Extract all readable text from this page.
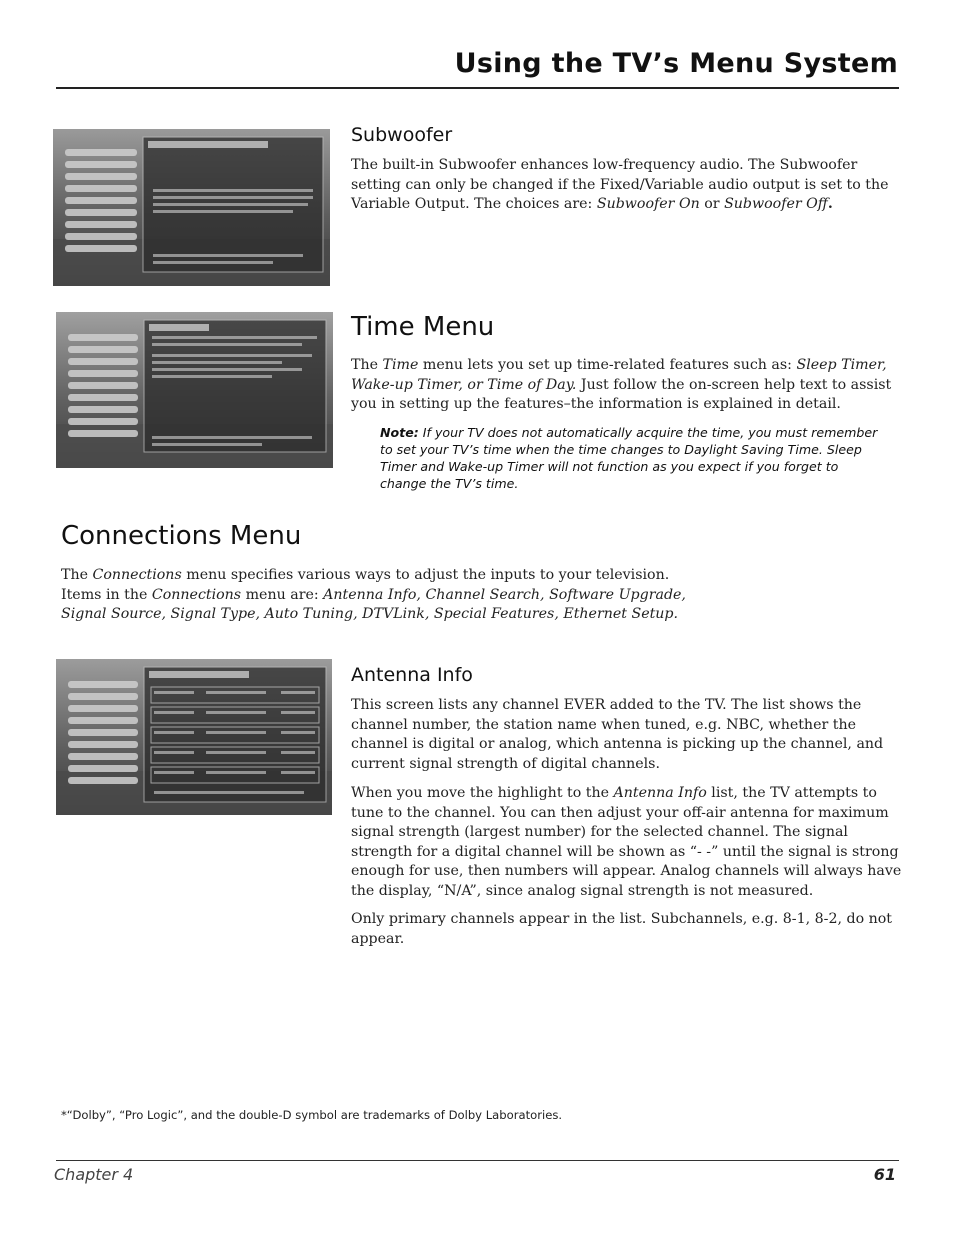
Using the TV’s Menu System
Subwoofer

The built-in Subwoofer enhances low-frequency audio. The Subwoofer setting can only be changed if the Fixed/Variable audio output is set to the Variable Output. The choices are: Subwoofer On or Subwoofer Off.

Time Menu

The Time menu lets you set up time-related features such as: Sleep Timer, Wake-up Timer, or Time of Day. Just follow the on-screen help text to assist you in setting up the features–the information is explained in detail.

Note: If your TV does not automatically acquire the time, you must remember to set your TV’s time when the time changes to Daylight Saving Time. Sleep Timer and Wake-up Timer will not function as you expect if you forget to change the TV’s time.
Connections Menu

The Connections menu specifies various ways to adjust the inputs to your television. Items in the Connections menu are: Antenna Info, Channel Search, Software Upgrade, Signal Source, Signal Type, Auto Tuning, DTVLink, Special Features, Ethernet Setup.

Antenna Info

This screen lists any channel EVER added to the TV. The list shows the channel number, the station name when tuned, e.g. NBC, whether the channel is digital or analog, which antenna is picking up the channel, and current signal strength of digital channels.

When you move the highlight to the Antenna Info list, the TV attempts to tune to the channel. You can then adjust your off-air antenna for maximum signal strength (largest number) for the selected channel. The signal strength for a digital channel will be shown as “- -” until the signal is strong enough for use, then numbers will appear. Analog channels will always have the display, “N/A”, since analog signal strength is not measured.

Only primary channels appear in the list. Subchannels, e.g. 8-1, 8-2, do not appear.

*“Dolby”, “Pro Logic”, and the double-D symbol are trademarks of Dolby Laboratories.
Chapter 4	61
